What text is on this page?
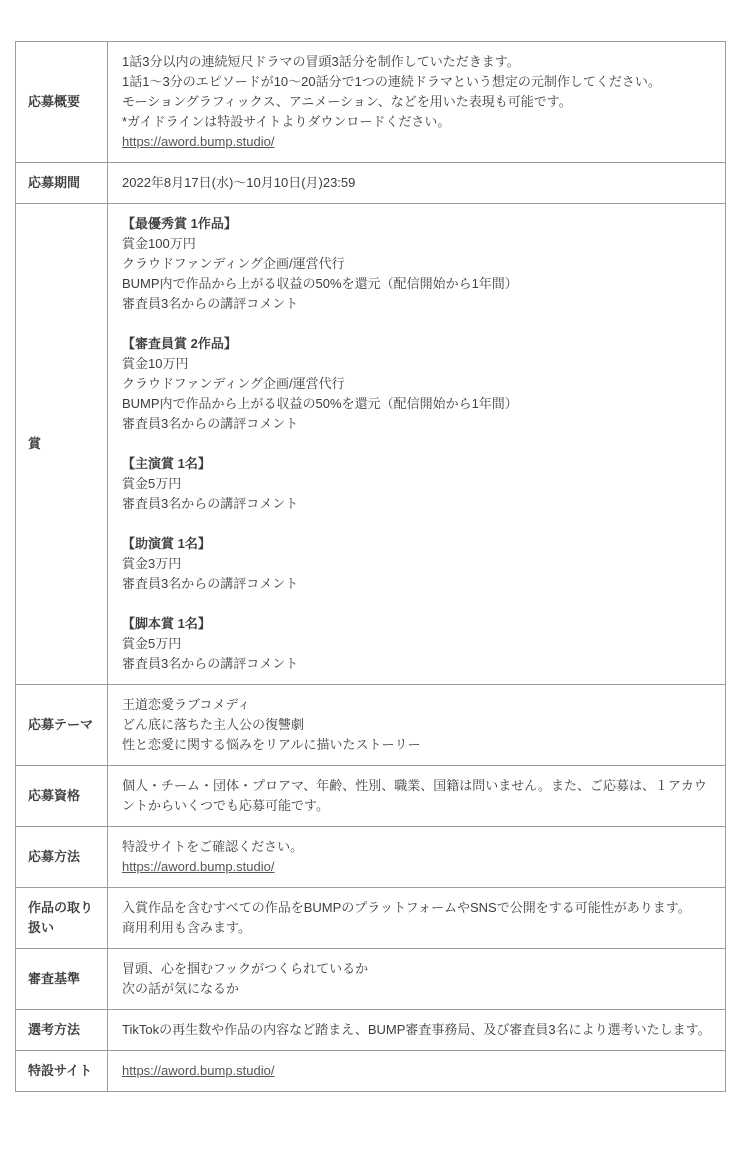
応募概要	1話3分以内の連続短尺ドラマの冒頭3話分を制作していただきます。
1話1～3分のエピソードが10～20話分で1つの連続ドラマという想定の元制作してください。
モーショングラフィックス、アニメーション、などを用いた表現も可能です。
*ガイドラインは特設サイトよりダウンロードください。
https://aword.bump.studio/

応募期間	2022年8月17日(水)～10月10日(月)23:59

賞	
【最優秀賞 1作品】
賞金100万円
クラウドファンディング企画/運営代行
BUMP内で作品から上がる収益の50%を還元（配信開始から1年間）
審査員3名からの講評コメント
【審査員賞 2作品】
賞金10万円
クラウドファンディング企画/運営代行
BUMP内で作品から上がる収益の50%を還元（配信開始から1年間）
審査員3名からの講評コメント
【主演賞 1名】
賞金5万円
審査員3名からの講評コメント
【助演賞 1名】
賞金3万円
審査員3名からの講評コメント
【脚本賞 1名】
賞金5万円
審査員3名からの講評コメント

応募テーマ	王道恋愛ラブコメディ
どん底に落ちた主人公の復讐劇
性と恋愛に関する悩みをリアルに描いたストーリー

応募資格	個人・チーム・団体・プロアマ、年齢、性別、職業、国籍は問いません。また、ご応募は、１アカウントからいくつでも応募可能です。

応募方法	特設サイトをご確認ください。
https://aword.bump.studio/

作品の取り扱い	入賞作品を含むすべての作品をBUMPのプラットフォームやSNSで公開をする可能性があります。
商用利用も含みます。

審査基準	冒頭、心を掴むフックがつくられているか
次の話が気になるか

選考方法	TikTokの再生数や作品の内容など踏まえ、BUMP審査事務局、及び審査員3名により選考いたします。

特設サイト	https://aword.bump.studio/
